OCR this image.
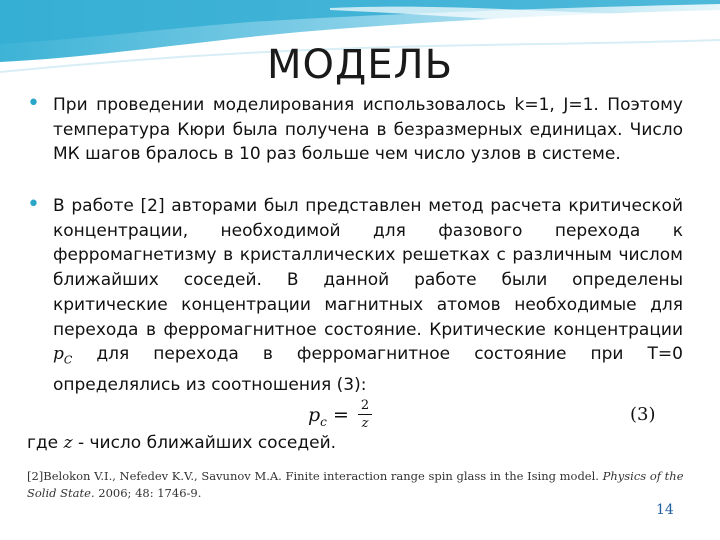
МОДЕЛЬ
• При проведении моделирования использовалось k=1, J=1. Поэтому температура Кюри была получена в безразмерных единицах. Число МК шагов бралось в 10 раз больше чем число узлов в системе.
• В работе [2] авторами был представлен метод расчета критической концентрации, необходимой для фазового перехода к ферромагнетизму в кристаллических решетках с различным числом ближайших соседей. В данной работе были определены критические концентрации магнитных атомов необходимые для перехода в ферромагнитное состояние. Критические концентрации $p_C$ для перехода в ферромагнитное состояние при T=0 определялись из соотношения (3):
$p_c = 2$
z	(3)
где z - число ближайших соседей.
[2]Belokon V.I., Nefedev K.V., Savunov M.A. Finite interaction range spin glass in the Ising model. Physics of the Solid State. 2006; 48: 1746-9.
14
